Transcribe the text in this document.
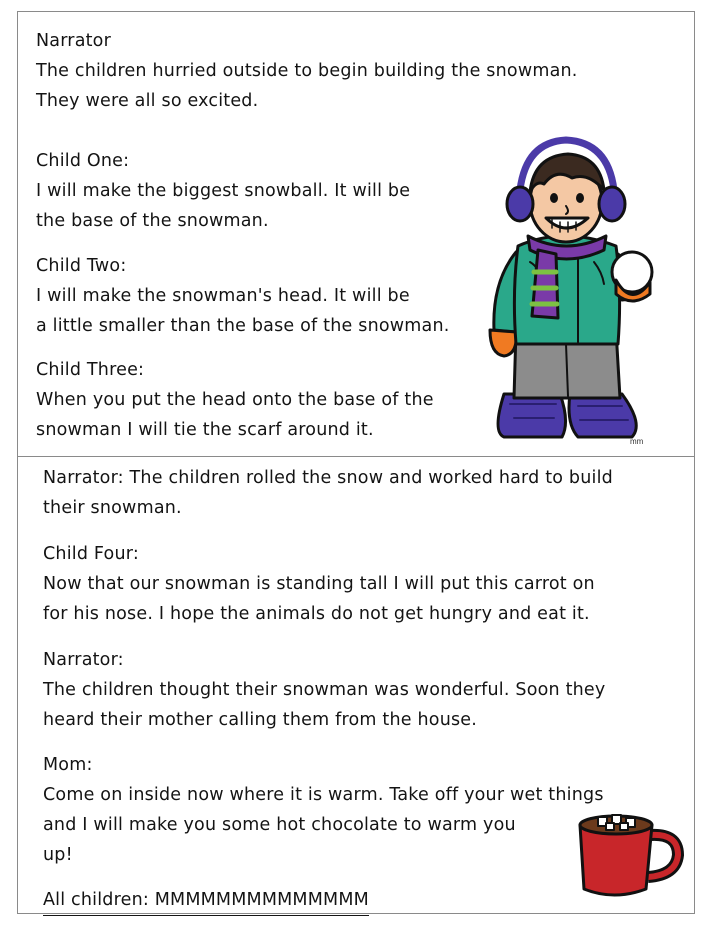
Narrator
The children hurried outside to begin building the snowman.
They were all so excited.
Child One:
I will make the biggest snowball. It will be
the base of the snowman.
Child Two:
I will make the snowman's head. It will be
a little smaller than the base of the snowman.
Child Three:
When you put the head onto the base of the
snowman I will tie the scarf around it.
mm
Narrator: The children rolled the snow and worked hard to build
their snowman.
Child Four:
Now that our snowman is standing tall I will put this carrot on
for his nose. I hope the animals do not get hungry and eat it.
Narrator:
The children thought their snowman was wonderful. Soon they
heard their mother calling them from the house.
Mom:
Come on inside now where it is warm. Take off your wet things
and I will make you some hot chocolate to warm you
up!
All children: MMMMMMMMMMMMMM
